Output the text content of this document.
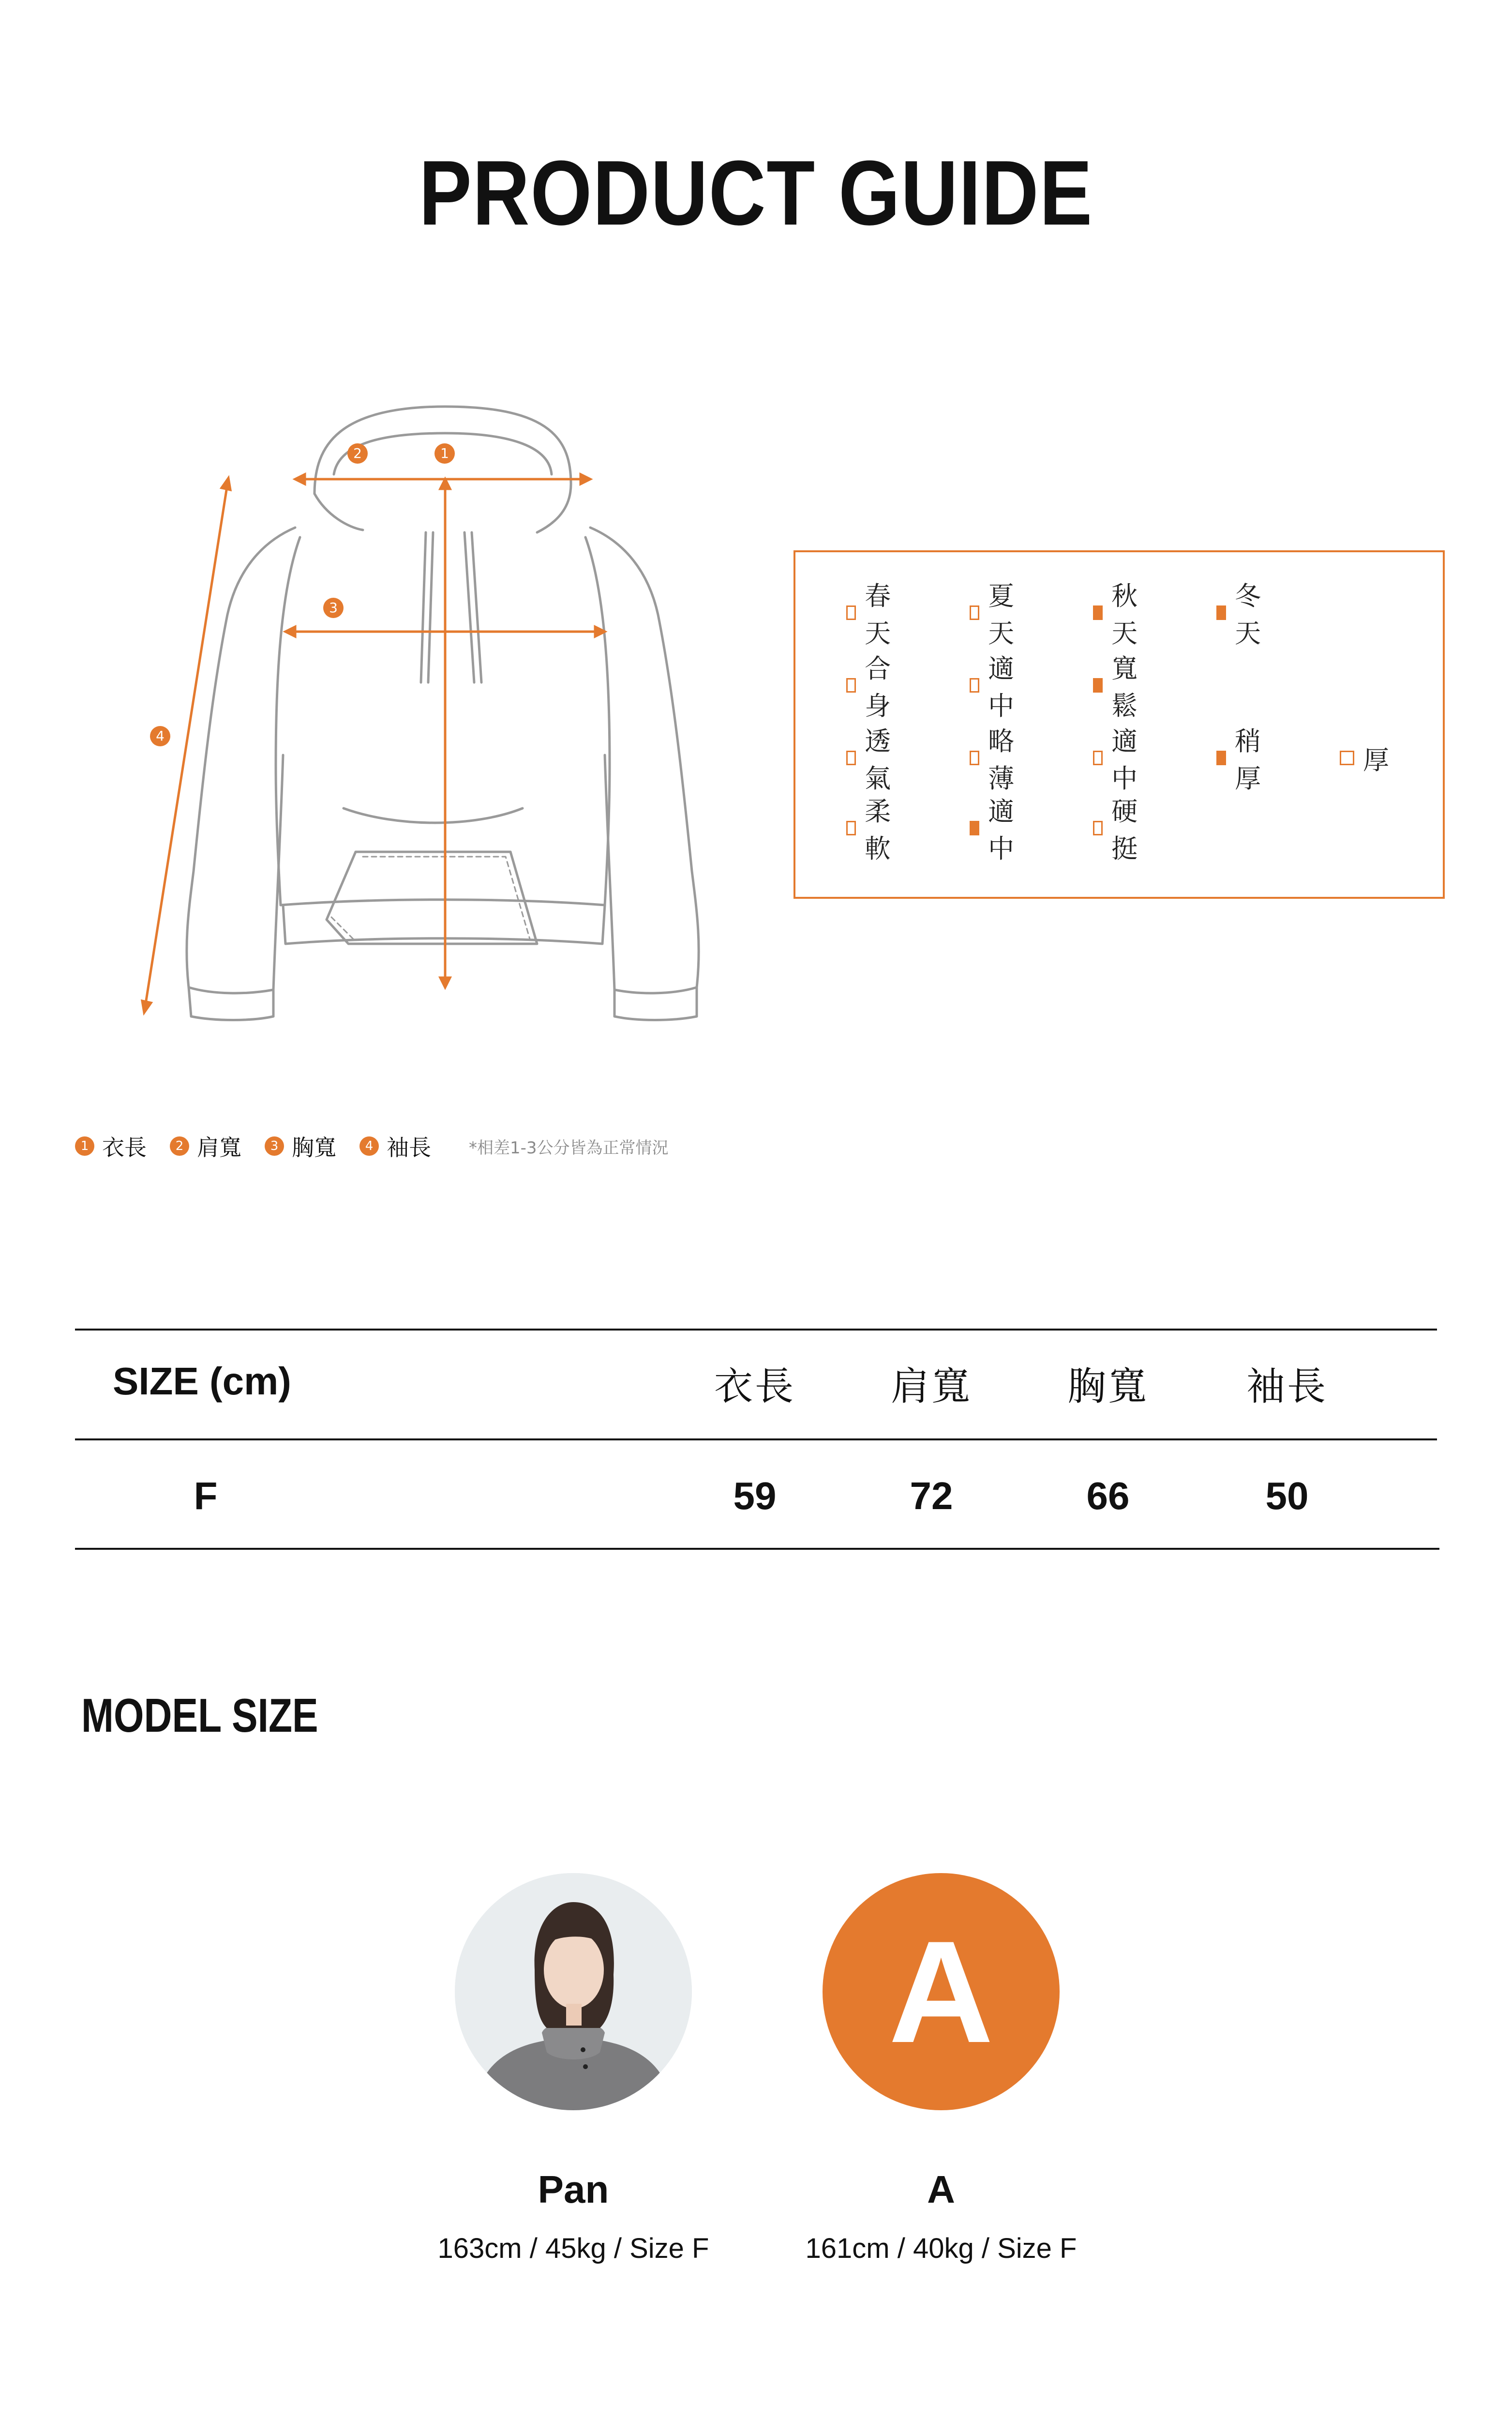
PRODUCT GUIDE
2	1
3
4
1 衣長	2 肩寬	3 胸寬	4 袖長 *相差1-3公分皆為正常情況
春天
夏天
秋天
冬天
合身
適中
寬鬆
透氣
略薄
適中
稍厚
厚
柔軟
適中
硬挺
SIZE (cm)	衣長	肩寬	胸寬	袖長
F	59	72	66	50
MODEL SIZE
A
Pan
163cm / 45kg / Size F
A
161cm / 40kg / Size F
